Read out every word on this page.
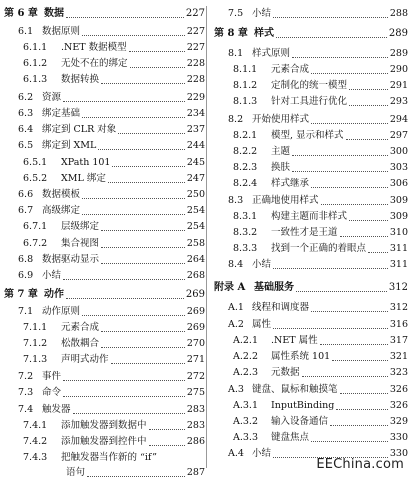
第 6 章 数据	227
6.1 数据原则	227
6.1.1 .NET 数据模型	227
6.1.2 无处不在的绑定	228
6.1.3 数据转换	228
6.2 资源	229
6.3 绑定基础	234
6.4 绑定到 CLR 对象	237
6.5 绑定到 XML	244
6.5.1 XPath 101	245
6.5.2 XML 绑定	247
6.6 数据模板	250
6.7 高级绑定	254
6.7.1 层级绑定	254
6.7.2 集合视图	258
6.8 数据驱动显示	264
6.9 小结	268
第 7 章 动作	269
7.1 动作原则	269
7.1.1 元素合成	269
7.1.2 松散耦合	270
7.1.3 声明式动作	271
7.2 事件	272
7.3 命令	275
7.4 触发器	283
7.4.1 添加触发器到数据中	283
7.4.2 添加触发器到控件中	286
7.4.3 把触发器当作新的 “if”
语句	287
7.5 小结	288
第 8 章 样式	289
8.1 样式原则	289
8.1.1 元素合成	290
8.1.2 定制化的统一模型	291
8.1.3 针对工具进行优化	293
8.2 开始使用样式	294
8.2.1 模型, 显示和样式	297
8.2.2 主题	300
8.2.3 换肤	303
8.2.4 样式继承	306
8.3 正确地使用样式	309
8.3.1 构建主题而非样式	309
8.3.2 一致性才是王道	310
8.3.3 找到一个正确的着眼点	311
8.4 小结	311
附录 A 基础服务	312
A.1 线程和调度器	312
A.2 属性	316
A.2.1 .NET 属性	317
A.2.2 属性系统 101	321
A.2.3 元数据	323
A.3 键盘、鼠标和触摸笔	326
A.3.1 InputBinding	326
A.3.2 输入设备通信	329
A.3.3 键盘焦点	330
A.4 小结	330
EEChina.com
